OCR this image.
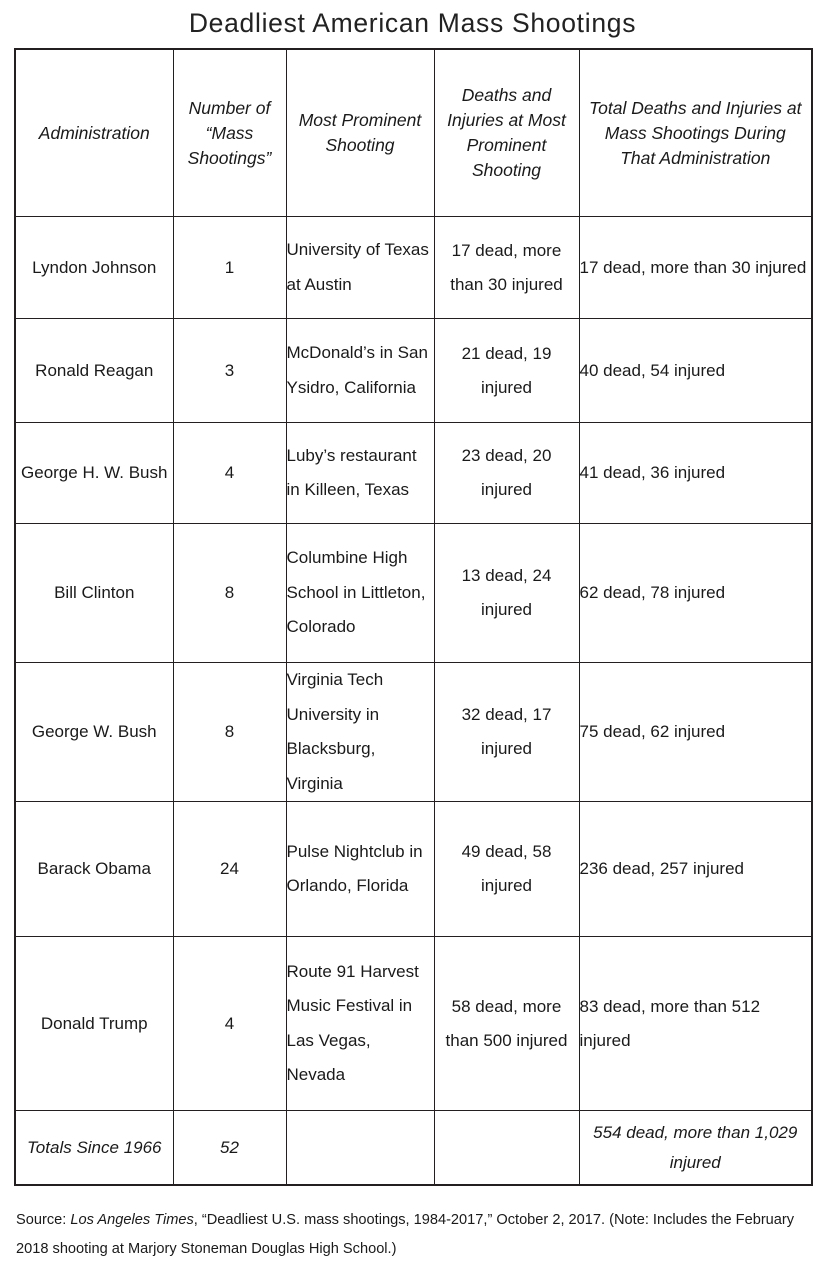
Deadliest American Mass Shootings
Administration	Number of “Mass Shootings”	Most Prominent Shooting	Deaths and Injuries at Most Prominent Shooting	Total Deaths and Injuries at Mass Shootings During That Administration
Lyndon Johnson	1	University of Texas at Austin	17 dead, more than 30 injured	17 dead, more than 30 injured
Ronald Reagan	3	McDonald’s in San Ysidro, California	21 dead, 19 injured	40 dead, 54 injured
George H. W. Bush	4	Luby’s restaurant in Killeen, Texas	23 dead, 20 injured	41 dead, 36 injured
Bill Clinton	8	Columbine High School in Littleton, Colorado	13 dead, 24 injured	62 dead, 78 injured
George W. Bush	8	Virginia Tech University in Blacksburg, Virginia	32 dead, 17 injured	75 dead, 62 injured
Barack Obama	24	Pulse Nightclub in Orlando, Florida	49 dead, 58 injured	236 dead, 257 injured
Donald Trump	4	Route 91 Harvest Music Festival in Las Vegas, Nevada	58 dead, more than 500 injured	83 dead, more than 512 injured
Totals Since 1966	52			554 dead, more than 1,029 injured
Source: Los Angeles Times, “Deadliest U.S. mass shootings, 1984-2017,” October 2, 2017. (Note: Includes the February 2018 shooting at Marjory Stoneman Douglas High School.)
